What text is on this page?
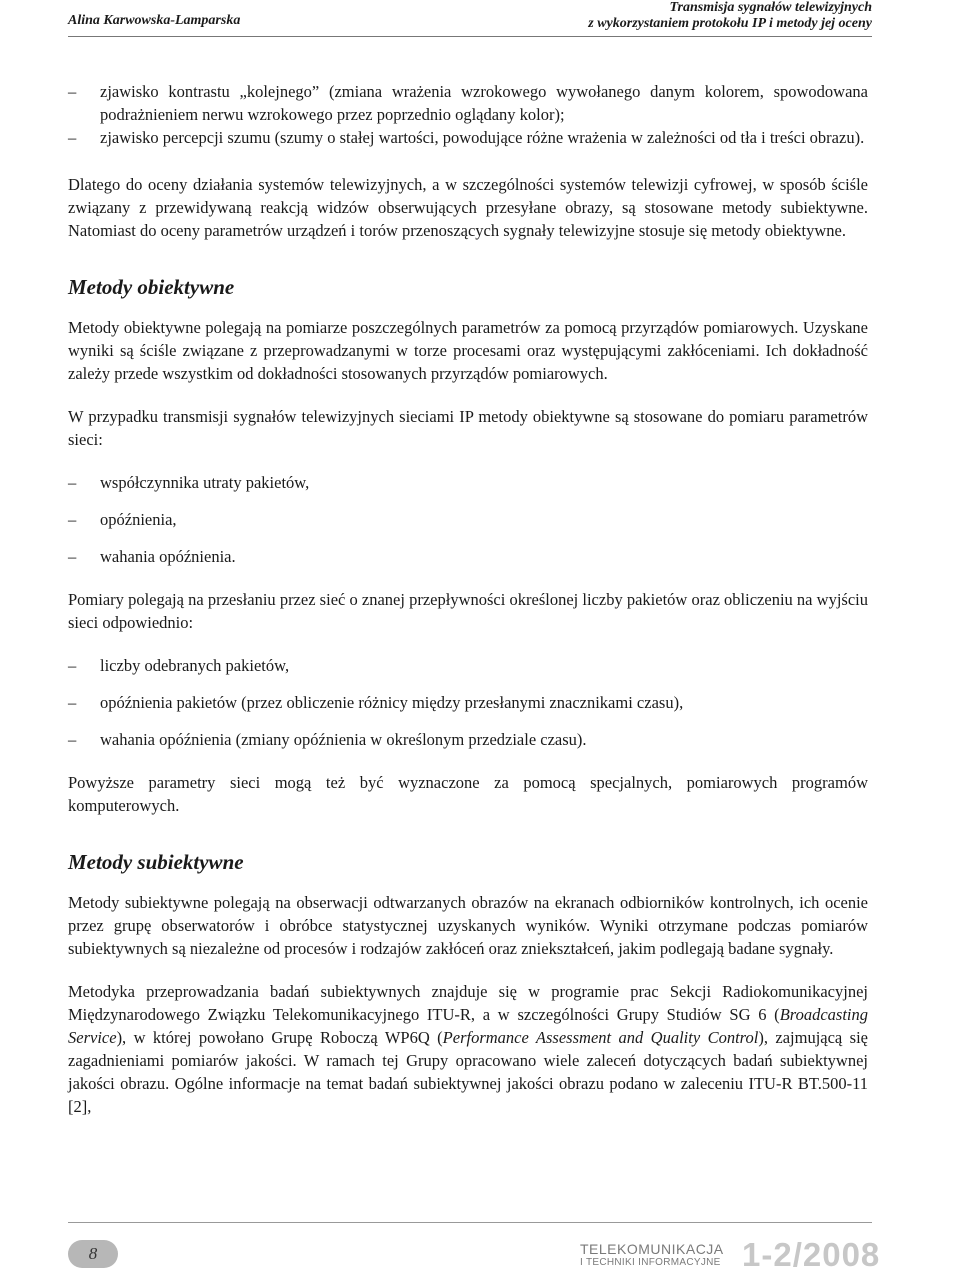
Alina Karwowska-Lamparska
Transmisja sygnałów telewizyjnych
z wykorzystaniem protokołu IP i metody jej oceny
– zjawisko kontrastu „kolejnego” (zmiana wrażenia wzrokowego wywołanego danym kolorem, spowodowana podrażnieniem nerwu wzrokowego przez poprzednio oglądany kolor);
– zjawisko percepcji szumu (szumy o stałej wartości, powodujące różne wrażenia w zależności od tła i treści obrazu).

Dlatego do oceny działania systemów telewizyjnych, a w szczególności systemów telewizji cyfrowej, w sposób ściśle związany z przewidywaną reakcją widzów obserwujących przesyłane obrazy, są stosowane metody subiektywne. Natomiast do oceny parametrów urządzeń i torów przenoszących sygnały telewizyjne stosuje się metody obiektywne.

Metody obiektywne

Metody obiektywne polegają na pomiarze poszczególnych parametrów za pomocą przyrządów pomiarowych. Uzyskane wyniki są ściśle związane z przeprowadzanymi w torze procesami oraz występującymi zakłóceniami. Ich dokładność zależy przede wszystkim od dokładności stosowanych przyrządów pomiarowych.

W przypadku transmisji sygnałów telewizyjnych sieciami IP metody obiektywne są stosowane do pomiaru parametrów sieci:

– współczynnika utraty pakietów,
– opóźnienia,
– wahania opóźnienia.

Pomiary polegają na przesłaniu przez sieć o znanej przepływności określonej liczby pakietów oraz obliczeniu na wyjściu sieci odpowiednio:

– liczby odebranych pakietów,
– opóźnienia pakietów (przez obliczenie różnicy między przesłanymi znacznikami czasu),
– wahania opóźnienia (zmiany opóźnienia w określonym przedziale czasu).

Powyższe parametry sieci mogą też być wyznaczone za pomocą specjalnych, pomiarowych programów komputerowych.

Metody subiektywne

Metody subiektywne polegają na obserwacji odtwarzanych obrazów na ekranach odbiorników kontrolnych, ich ocenie przez grupę obserwatorów i obróbce statystycznej uzyskanych wyników. Wyniki otrzymane podczas pomiarów subiektywnych są niezależne od procesów i rodzajów zakłóceń oraz zniekształceń, jakim podlegają badane sygnały.

Metodyka przeprowadzania badań subiektywnych znajduje się w programie prac Sekcji Radiokomunikacyjnej Międzynarodowego Związku Telekomunikacyjnego ITU-R, a w szczególności Grupy Studiów SG 6 (Broadcasting Service), w której powołano Grupę Roboczą WP6Q (Performance Assessment and Quality Control), zajmującą się zagadnieniami pomiarów jakości. W ramach tej Grupy opracowano wiele zaleceń dotyczących badań subiektywnej jakości obrazu. Ogólne informacje na temat badań subiektywnej jakości obrazu podano w zaleceniu ITU-R BT.500-11 [2],

8	TELEKOMUNIKACJA
I TECHNIKI INFORMACYJNE 1-2/2008
